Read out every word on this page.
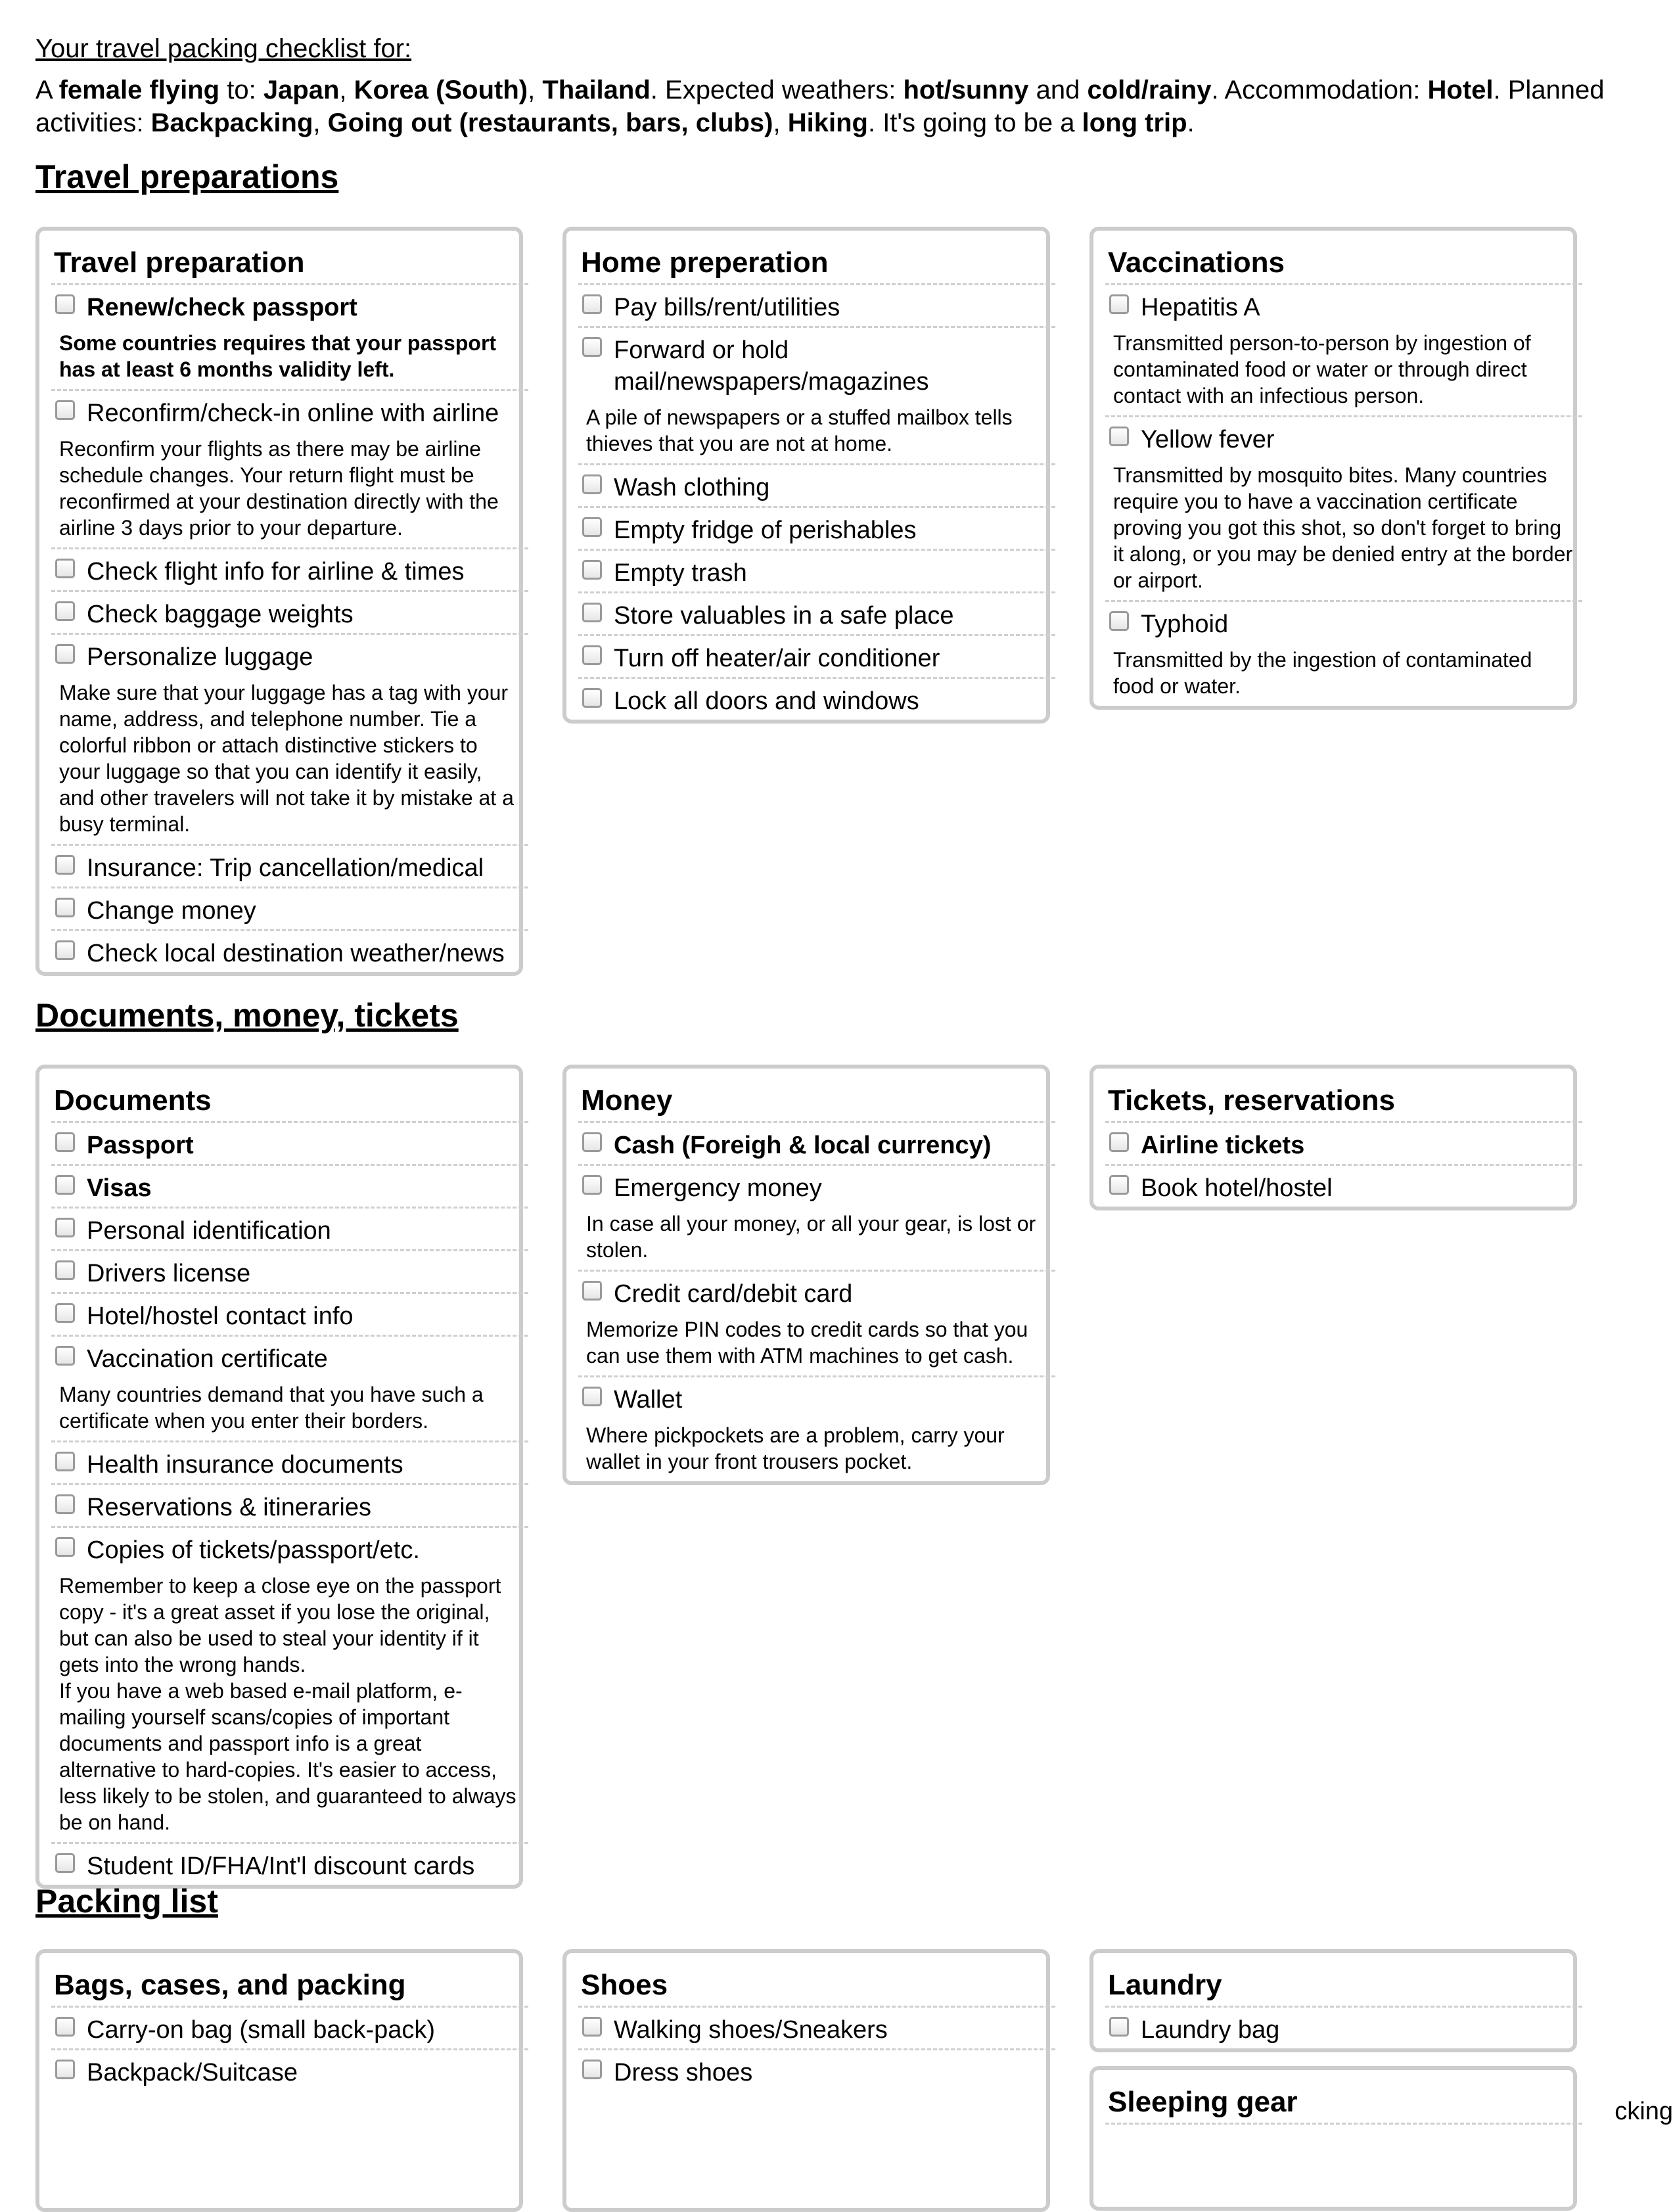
Your travel packing checklist for:

A female flying to: Japan, Korea (South), Thailand. Expected weathers: hot/sunny and cold/rainy. Accommodation: Hotel. Planned activities: Backpacking, Going out (restaurants, bars, clubs), Hiking. It's going to be a long trip.

Travel preparations
Travel preparation
Renew/check passport
Some countries requires that your passport has at least 6 months validity left.
Reconfirm/check-in online with airline
Reconfirm your flights as there may be airline schedule changes. Your return flight must be reconfirmed at your destination directly with the airline 3 days prior to your departure.
Check flight info for airline & times
Check baggage weights
Personalize luggage
Make sure that your luggage has a tag with your name, address, and telephone number. Tie a colorful ribbon or attach distinctive stickers to your luggage so that you can identify it easily, and other travelers will not take it by mistake at a busy terminal.
Insurance: Trip cancellation/medical
Change money
Check local destination weather/news
Home preperation
Pay bills/rent/utilities
Forward or hold mail/newspapers/magazines
A pile of newspapers or a stuffed mailbox tells thieves that you are not at home.
Wash clothing
Empty fridge of perishables
Empty trash
Store valuables in a safe place
Turn off heater/air conditioner
Lock all doors and windows
Vaccinations
Hepatitis A
Transmitted person-to-person by ingestion of contaminated food or water or through direct contact with an infectious person.
Yellow fever
Transmitted by mosquito bites. Many countries require you to have a vaccination certificate proving you got this shot, so don't forget to bring it along, or you may be denied entry at the border or airport.
Typhoid
Transmitted by the ingestion of contaminated food or water.
Documents, money, tickets
Documents
Passport
Visas
Personal identification
Drivers license
Hotel/hostel contact info
Vaccination certificate
Many countries demand that you have such a certificate when you enter their borders.
Health insurance documents
Reservations & itineraries
Copies of tickets/passport/etc.
Remember to keep a close eye on the passport copy - it's a great asset if you lose the original, but can also be used to steal your identity if it gets into the wrong hands.
If you have a web based e-mail platform, e-mailing yourself scans/copies of important documents and passport info is a great alternative to hard-copies. It's easier to access, less likely to be stolen, and guaranteed to always be on hand.
Student ID/FHA/Int'l discount cards
Money
Cash (Foreigh & local currency)
Emergency money
In case all your money, or all your gear, is lost or stolen.
Credit card/debit card
Memorize PIN codes to credit cards so that you can use them with ATM machines to get cash.
Wallet
Where pickpockets are a problem, carry your wallet in your front trousers pocket.
Tickets, reservations
Airline tickets
Book hotel/hostel
Packing list
Bags, cases, and packing
Carry-on bag (small back-pack)
Backpack/Suitcase
Shoes
Walking shoes/Sneakers
Dress shoes
Laundry
Laundry bag
Sleeping gear	cking
